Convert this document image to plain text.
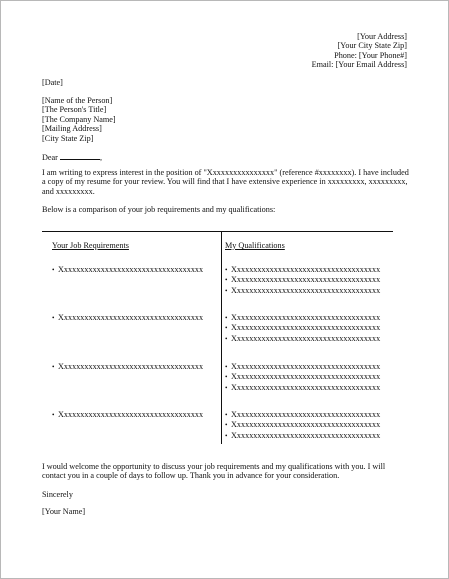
[Your Address]
[Your City State Zip]
Phone: [Your Phone#]
Email: [Your Email Address]
[Date]
[Name of the Person]
[The Person's Title]
[The Company Name]
[Mailing Address]
[City State Zip]
Dear	,
I am writing to express interest in the position of "Xxxxxxxxxxxxxxxx" (reference #xxxxxxxx). I have included a copy of my resume for your review. You will find that I have extensive experience in xxxxxxxxx, xxxxxxxxx, and xxxxxxxxx.
Below is a comparison of your job requirements and my qualifications:
Your Job Requirements	My Qualifications
• Xxxxxxxxxxxxxxxxxxxxxxxxxxxxxxxxxxx	• Xxxxxxxxxxxxxxxxxxxxxxxxxxxxxxxxxxxx
• Xxxxxxxxxxxxxxxxxxxxxxxxxxxxxxxxxxxx
• Xxxxxxxxxxxxxxxxxxxxxxxxxxxxxxxxxxxx
• Xxxxxxxxxxxxxxxxxxxxxxxxxxxxxxxxxxx	• Xxxxxxxxxxxxxxxxxxxxxxxxxxxxxxxxxxxx
• Xxxxxxxxxxxxxxxxxxxxxxxxxxxxxxxxxxxx
• Xxxxxxxxxxxxxxxxxxxxxxxxxxxxxxxxxxxx
• Xxxxxxxxxxxxxxxxxxxxxxxxxxxxxxxxxxx	• Xxxxxxxxxxxxxxxxxxxxxxxxxxxxxxxxxxxx
• Xxxxxxxxxxxxxxxxxxxxxxxxxxxxxxxxxxxx
• Xxxxxxxxxxxxxxxxxxxxxxxxxxxxxxxxxxxx
• Xxxxxxxxxxxxxxxxxxxxxxxxxxxxxxxxxxx	• Xxxxxxxxxxxxxxxxxxxxxxxxxxxxxxxxxxxx
• Xxxxxxxxxxxxxxxxxxxxxxxxxxxxxxxxxxxx
• Xxxxxxxxxxxxxxxxxxxxxxxxxxxxxxxxxxxx
I would welcome the opportunity to discuss your job requirements and my qualifications with you. I will contact you in a couple of days to follow up. Thank you in advance for your consideration.
Sincerely
[Your Name]
